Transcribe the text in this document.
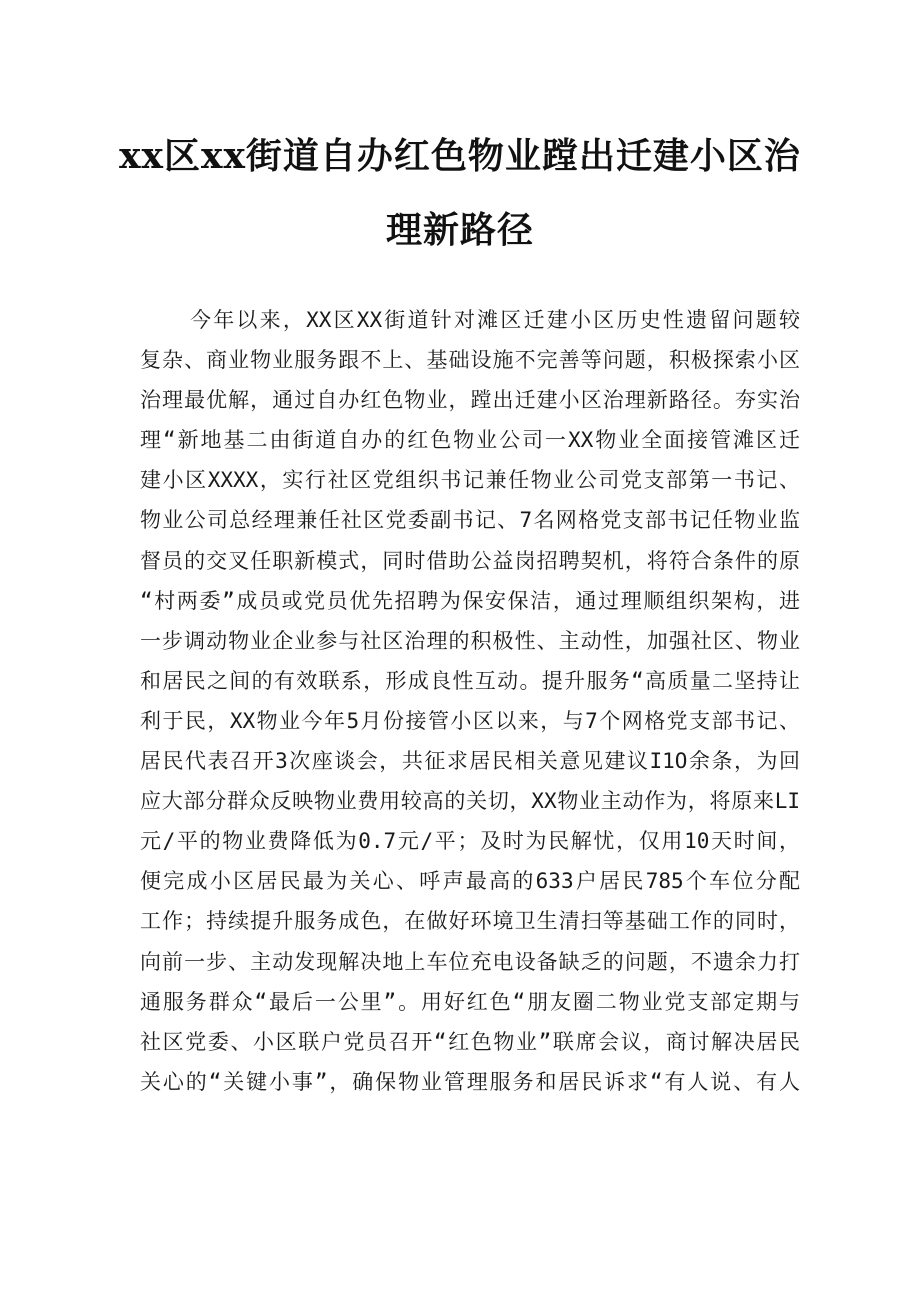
xx区xx街道自办红色物业蹚出迁建小区治
理新路径
今年以来，XX区XX街道针对滩区迁建小区历史性遗留问题较
复杂、商业物业服务跟不上、基础设施不完善等问题，积极探索小区
治理最优解，通过自办红色物业，蹚出迁建小区治理新路径。夯实治
理“新地基二由街道自办的红色物业公司一XX物业全面接管滩区迁
建小区XXXX，实行社区党组织书记兼任物业公司党支部第一书记、
物业公司总经理兼任社区党委副书记、7名网格党支部书记任物业监
督员的交叉任职新模式，同时借助公益岗招聘契机，将符合条件的原
“村两委”成员或党员优先招聘为保安保洁，通过理顺组织架构，进
一步调动物业企业参与社区治理的积极性、主动性，加强社区、物业
和居民之间的有效联系，形成良性互动。提升服务“高质量二坚持让
利于民，XX物业今年5月份接管小区以来，与7个网格党支部书记、
居民代表召开3次座谈会，共征求居民相关意见建议I1O余条，为回
应大部分群众反映物业费用较高的关切，XX物业主动作为，将原来LI
元/平的物业费降低为0.7元/平；及时为民解忧，仅用10天时间，
便完成小区居民最为关心、呼声最高的633户居民785个车位分配
工作；持续提升服务成色，在做好环境卫生清扫等基础工作的同时，
向前一步、主动发现解决地上车位充电设备缺乏的问题，不遗余力打
通服务群众“最后一公里”。用好红色“朋友圈二物业党支部定期与
社区党委、小区联户党员召开“红色物业”联席会议，商讨解决居民
关心的“关键小事”，确保物业管理服务和居民诉求“有人说、有人
